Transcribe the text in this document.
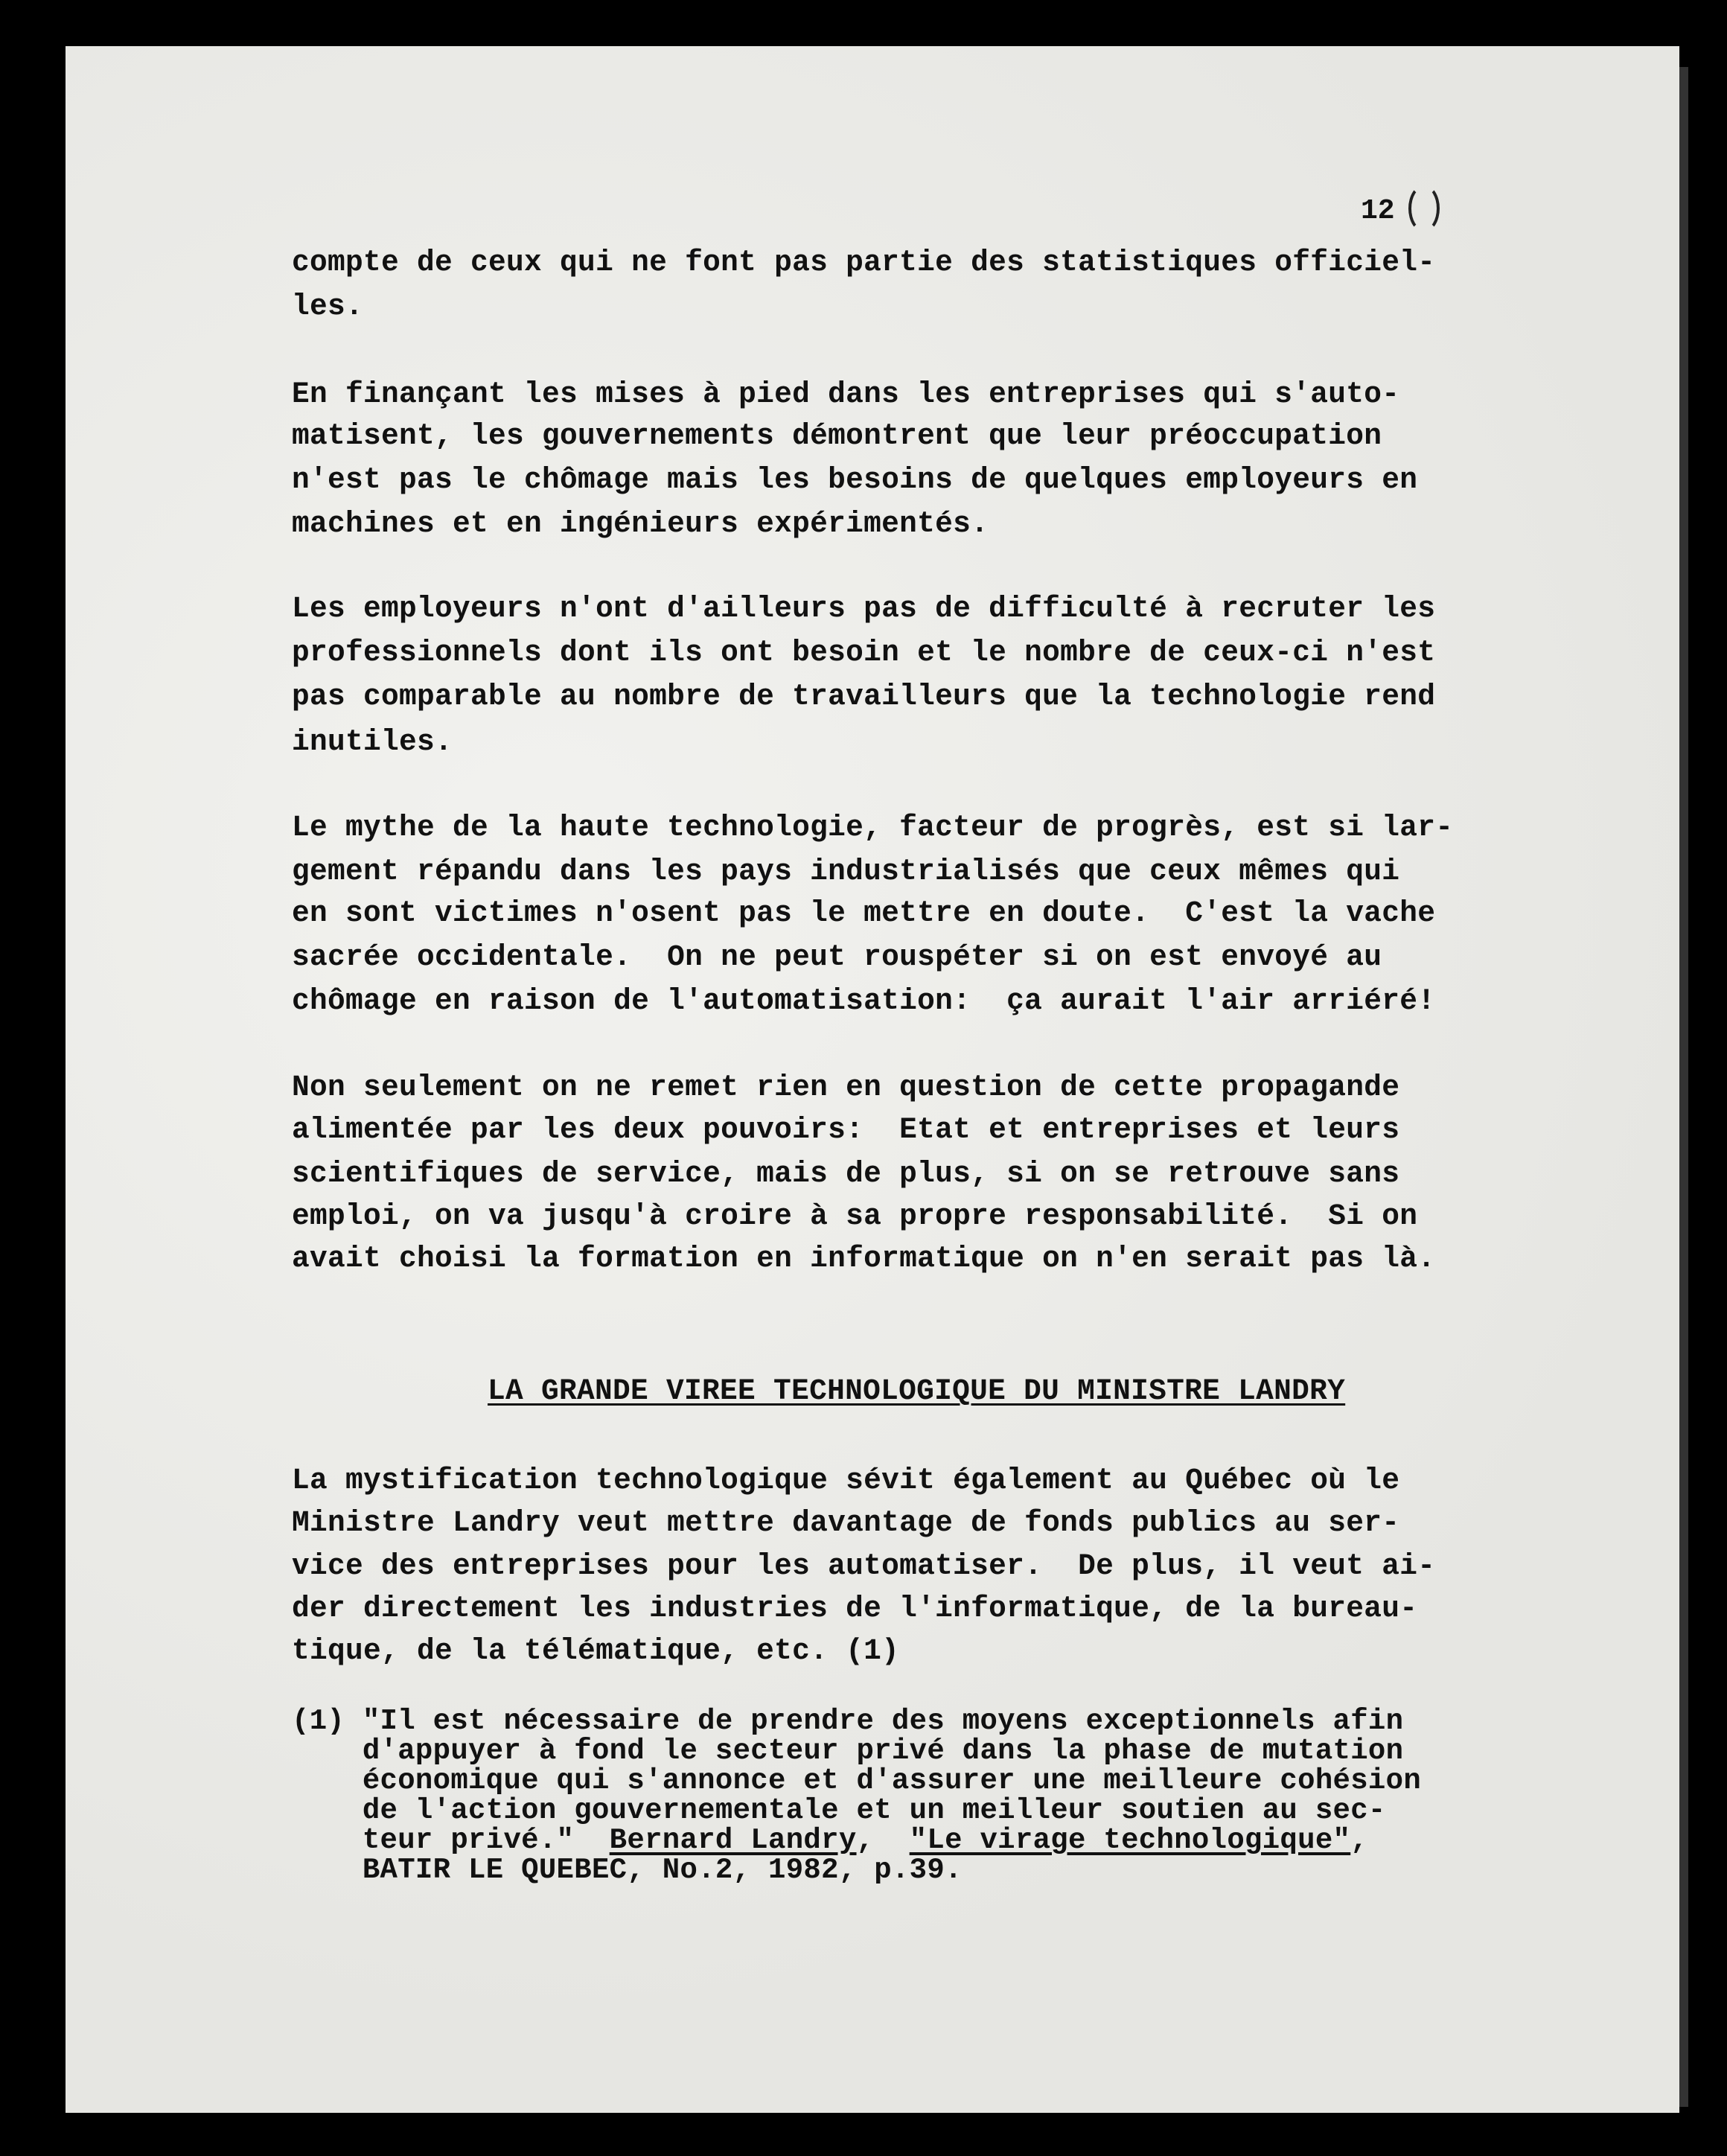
12
compte de ceux qui ne font pas partie des statistiques officiel-
les.
En finançant les mises à pied dans les entreprises qui s'auto-
matisent, les gouvernements démontrent que leur préoccupation
n'est pas le chômage mais les besoins de quelques employeurs en
machines et en ingénieurs expérimentés.
Les employeurs n'ont d'ailleurs pas de difficulté à recruter les
professionnels dont ils ont besoin et le nombre de ceux-ci n'est
pas comparable au nombre de travailleurs que la technologie rend
inutiles.
Le mythe de la haute technologie, facteur de progrès, est si lar-
gement répandu dans les pays industrialisés que ceux mêmes qui
en sont victimes n'osent pas le mettre en doute.  C'est la vache
sacrée occidentale.  On ne peut rouspéter si on est envoyé au
chômage en raison de l'automatisation:  ça aurait l'air arriéré!
Non seulement on ne remet rien en question de cette propagande
alimentée par les deux pouvoirs:  Etat et entreprises et leurs
scientifiques de service, mais de plus, si on se retrouve sans
emploi, on va jusqu'à croire à sa propre responsabilité.  Si on
avait choisi la formation en informatique on n'en serait pas là.
LA GRANDE VIREE TECHNOLOGIQUE DU MINISTRE LANDRY
La mystification technologique sévit également au Québec où le
Ministre Landry veut mettre davantage de fonds publics au ser-
vice des entreprises pour les automatiser.  De plus, il veut ai-
der directement les industries de l'informatique, de la bureau-
tique, de la télématique, etc. (1)
(1) "Il est nécessaire de prendre des moyens exceptionnels afin
d'appuyer à fond le secteur privé dans la phase de mutation
économique qui s'annonce et d'assurer une meilleure cohésion
de l'action gouvernementale et un meilleur soutien au sec-
teur privé."  Bernard Landry,  "Le virage technologique",
BATIR LE QUEBEC, No.2, 1982, p.39.
